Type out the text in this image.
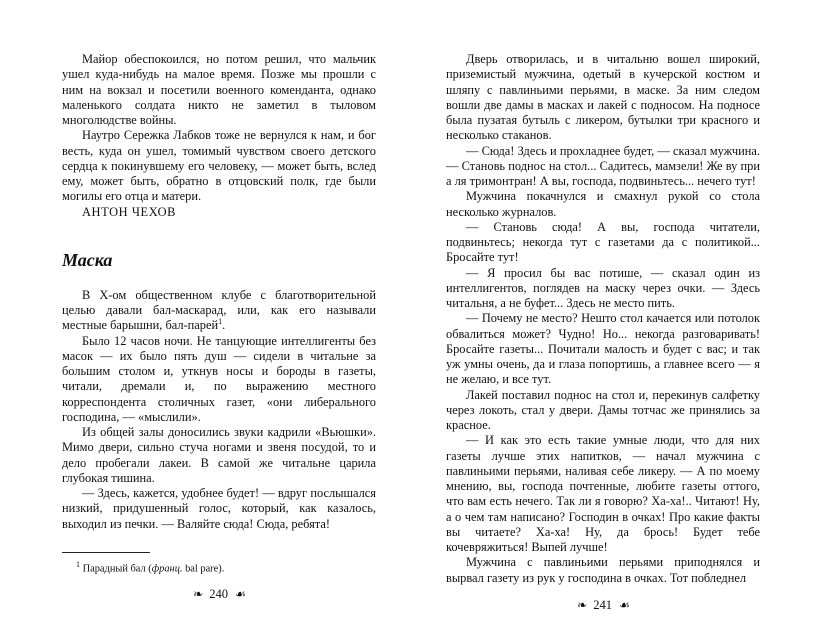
Майор обеспокоился, но потом решил, что мальчик ушел куда-нибудь на малое время. Позже мы прошли с ним на вокзал и посетили военного коменданта, однако маленького солдата никто не заметил в тыловом многолюдстве войны.

Наутро Сережка Лабков тоже не вернулся к нам, и бог весть, куда он ушел, томимый чувством своего детского сердца к покинувшему его человеку, — может быть, вслед ему, может быть, обратно в отцовский полк, где были могилы его отца и матери.

АНТОН ЧЕХОВ

Маска

В Х-ом общественном клубе с благотворительной целью давали бал-маскарад, или, как его называли местные барышни, бал-парей$^1$.

Было 12 часов ночи. Не танцующие интеллигенты без масок — их было пять душ — сидели в читальне за большим столом и, уткнув носы и бороды в газеты, читали, дремали и, по выражению местного корреспондента столичных газет, «они либерального господина, — «мыслили».

Из общей залы доносились звуки кадрили «Вьюшки». Мимо двери, сильно стуча ногами и звеня посудой, то и дело пробегали лакеи. В самой же читальне царила глубокая тишина.

— Здесь, кажется, удобнее будет! — вдруг послышался низкий, придушенный голос, который, как казалось, выходил из печки. — Валяйте сюда! Сюда, ребята!

$^1$ Парадный бал (франц. bal pare).

❧ 240 ☙

Дверь отворилась, и в читальню вошел широкий, приземистый мужчина, одетый в кучерской костюм и шляпу с павлиньими перьями, в маске. За ним следом вошли две дамы в масках и лакей с подносом. На подносе была пузатая бутыль с ликером, бутылки три красного и несколько стаканов.

— Сюда! Здесь и прохладнее будет, — сказал мужчина. — Становь поднос на стол... Садитесь, мамзели! Же ву при а ля тримонтран! А вы, господа, подвиньтесь... нечего тут!

Мужчина покачнулся и смахнул рукой со стола несколько журналов.

— Становь сюда! А вы, господа читатели, подвиньтесь; некогда тут с газетами да с политикой... Бросайте тут!

— Я просил бы вас потише, — сказал один из интеллигентов, поглядев на маску через очки. — Здесь читальня, а не буфет... Здесь не место пить.

— Почему не место? Нешто стол качается или потолок обвалиться может? Чудно! Но... некогда разговаривать! Бросайте газеты... Почитали малость и будет с вас; и так уж умны очень, да и глаза попортишь, а главнее всего — я не желаю, и все тут.

Лакей поставил поднос на стол и, перекинув салфетку через локоть, стал у двери. Дамы тотчас же принялись за красное.

— И как это есть такие умные люди, что для них газеты лучше этих напитков, — начал мужчина с павлиньими перьями, наливая себе ликеру. — А по моему мнению, вы, господа почтенные, любите газеты оттого, что вам есть нечего. Так ли я говорю? Ха-ха!.. Читают! Ну, а о чем там написано? Господин в очках! Про какие факты вы читаете? Ха-ха! Ну, да брось! Будет тебе кочевряжиться! Выпей лучше!

Мужчина с павлиньими перьями приподнялся и вырвал газету из рук у господина в очках. Тот побледнел

❧ 241 ☙
